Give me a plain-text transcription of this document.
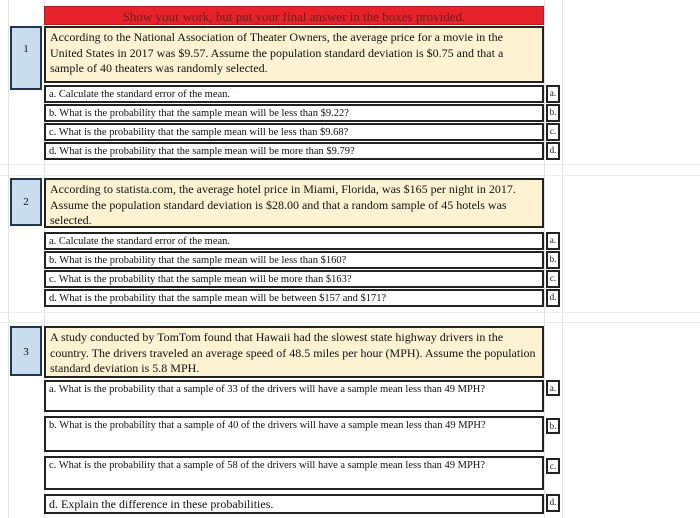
Show your work, but put your final answer in the boxes provided.
1
According to the National Association of Theater Owners, the average price for a movie in the United States in 2017 was $9.57. Assume the population standard deviation is $0.75 and that a sample of 40 theaters was randomly selected.
a. Calculate the standard error of the mean.	a.
b. What is the probability that the sample mean will be less than $9.22?	b.
c. What is the probability that the sample mean will be less than $9.68?	c.
d. What is the probability that the sample mean will be more than $9.79?	d.
2
According to statista.com, the average hotel price in Miami, Florida, was $165 per night in 2017. Assume the population standard deviation is $28.00 and that a random sample of 45 hotels was selected.
a. Calculate the standard error of the mean.	a.
b. What is the probability that the sample mean will be less than $160?	b.
c. What is the probability that the sample mean will be more than $163?	c.
d. What is the probability that the sample mean will be between $157 and $171?	d.
3
A study conducted by TomTom found that Hawaii had the slowest state highway drivers in the country. The drivers traveled an average speed of 48.5 miles per hour (MPH). Assume the population standard deviation is 5.8 MPH.
a. What is the probability that a sample of 33 of the drivers will have a sample mean less than 49 MPH?	a.
b. What is the probability that a sample of 40 of the drivers will have a sample mean less than 49 MPH?	b.
c. What is the probability that a sample of 58 of the drivers will have a sample mean less than 49 MPH?	c.
d. Explain the difference in these probabilities.	d.
